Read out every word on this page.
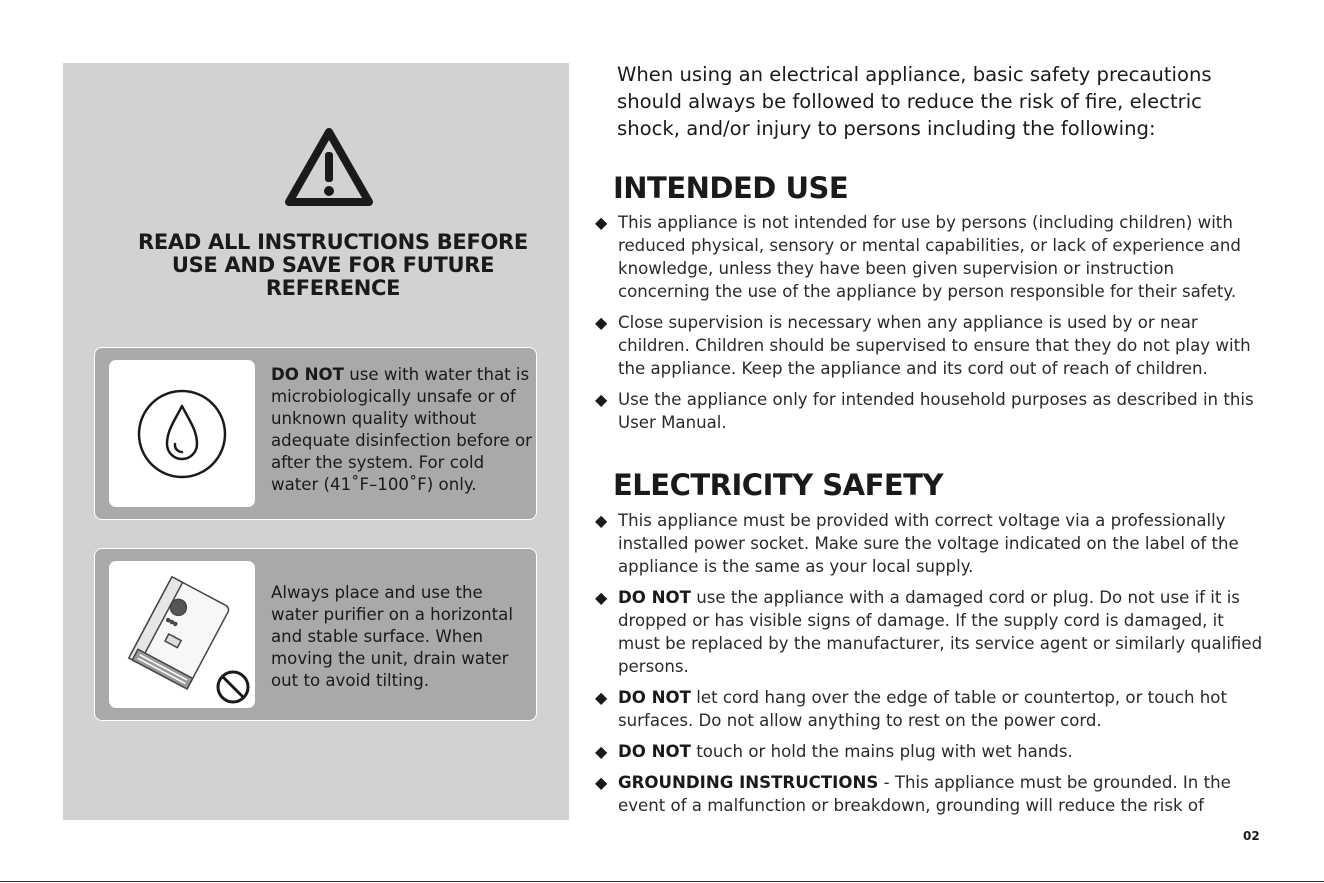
READ ALL INSTRUCTIONS BEFORE
USE AND SAVE FOR FUTURE
REFERENCE
DO NOT use with water that is microbiologically unsafe or of unknown quality without adequate disinfection before or after the system. For cold water (41˚F–100˚F) only.
Always place and use the water purifier on a horizontal and stable surface. When moving the unit, drain water out to avoid tilting.
When using an electrical appliance, basic safety precautions should always be followed to reduce the risk of fire, electric shock, and/or injury to persons including the following:
INTENDED USE
◆ This appliance is not intended for use by persons (including children) with reduced physical, sensory or mental capabilities, or lack of experience and knowledge, unless they have been given supervision or instruction concerning the use of the appliance by person responsible for their safety.
◆ Close supervision is necessary when any appliance is used by or near children. Children should be supervised to ensure that they do not play with the appliance. Keep the appliance and its cord out of reach of children.
◆ Use the appliance only for intended household purposes as described in this User Manual.
ELECTRICITY SAFETY
◆ This appliance must be provided with correct voltage via a professionally installed power socket. Make sure the voltage indicated on the label of the appliance is the same as your local supply.
◆ DO NOT use the appliance with a damaged cord or plug. Do not use if it is dropped or has visible signs of damage. If the supply cord is damaged, it must be replaced by the manufacturer, its service agent or similarly qualified persons.
◆ DO NOT let cord hang over the edge of table or countertop, or touch hot surfaces. Do not allow anything to rest on the power cord.
◆ DO NOT touch or hold the mains plug with wet hands.
◆ GROUNDING INSTRUCTIONS - This appliance must be grounded. In the event of a malfunction or breakdown, grounding will reduce the risk of
02
